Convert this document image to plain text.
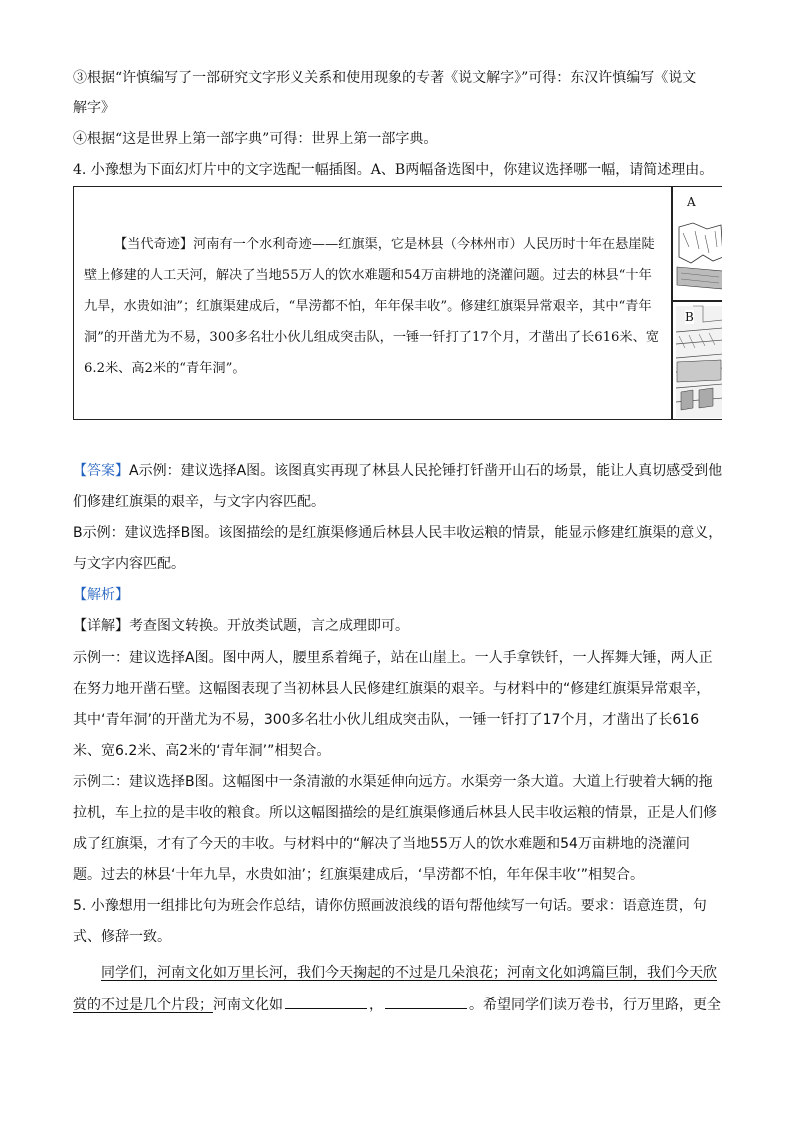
③根据“许慎编写了一部研究文字形义关系和使用现象的专著《说文解字》”可得：东汉许慎编写《说文
解字》
④根据“这是世界上第一部字典”可得：世界上第一部字典。
4. 小豫想为下面幻灯片中的文字选配一幅插图。A、B两幅备选图中，你建议选择哪一幅，请简述理由。
【当代奇迹】河南有一个水利奇迹——红旗渠，它是林县（今林州市）人民历时十年在悬崖陡壁上修建的人工天河，解决了当地55万人的饮水难题和54万亩耕地的浇灌问题。过去的林县“十年九旱，水贵如油”；红旗渠建成后，“旱涝都不怕，年年保丰收”。修建红旗渠异常艰辛，其中“青年洞”的开凿尤为不易，300多名壮小伙儿组成突击队，一锤一钎打了17个月，才凿出了长616米、宽6.2米、高2米的“青年洞”。
A
B
【答案】A示例：建议选择A图。该图真实再现了林县人民抡锤打钎凿开山石的场景，能让人真切感受到他
们修建红旗渠的艰辛，与文字内容匹配。
B示例：建议选择B图。该图描绘的是红旗渠修通后林县人民丰收运粮的情景，能显示修建红旗渠的意义，
与文字内容匹配。
【解析】
【详解】考查图文转换。开放类试题，言之成理即可。
示例一：建议选择A图。图中两人，腰里系着绳子，站在山崖上。一人手拿铁钎，一人挥舞大锤，两人正
在努力地开凿石壁。这幅图表现了当初林县人民修建红旗渠的艰辛。与材料中的“修建红旗渠异常艰辛，
其中‘青年洞’的开凿尤为不易，300多名壮小伙儿组成突击队，一锤一钎打了17个月，才凿出了长616
米、宽6.2米、高2米的‘青年洞’”相契合。
示例二：建议选择B图。这幅图中一条清澈的水渠延伸向远方。水渠旁一条大道。大道上行驶着大辆的拖
拉机，车上拉的是丰收的粮食。所以这幅图描绘的是红旗渠修通后林县人民丰收运粮的情景，正是人们修
成了红旗渠，才有了今天的丰收。与材料中的“解决了当地55万人的饮水难题和54万亩耕地的浇灌问
题。过去的林县‘十年九旱，水贵如油’；红旗渠建成后，‘旱涝都不怕，年年保丰收’”相契合。
5. 小豫想用一组排比句为班会作总结，请你仿照画波浪线的语句帮他续写一句话。要求：语意连贯，句
式、修辞一致。
同学们，河南文化如万里长河，我们今天掬起的不过是几朵浪花；河南文化如鸿篇巨制，我们今天欣
赏的不过是几个片段；河南文化如	，	。希望同学们读万卷书，行万里路，更全
